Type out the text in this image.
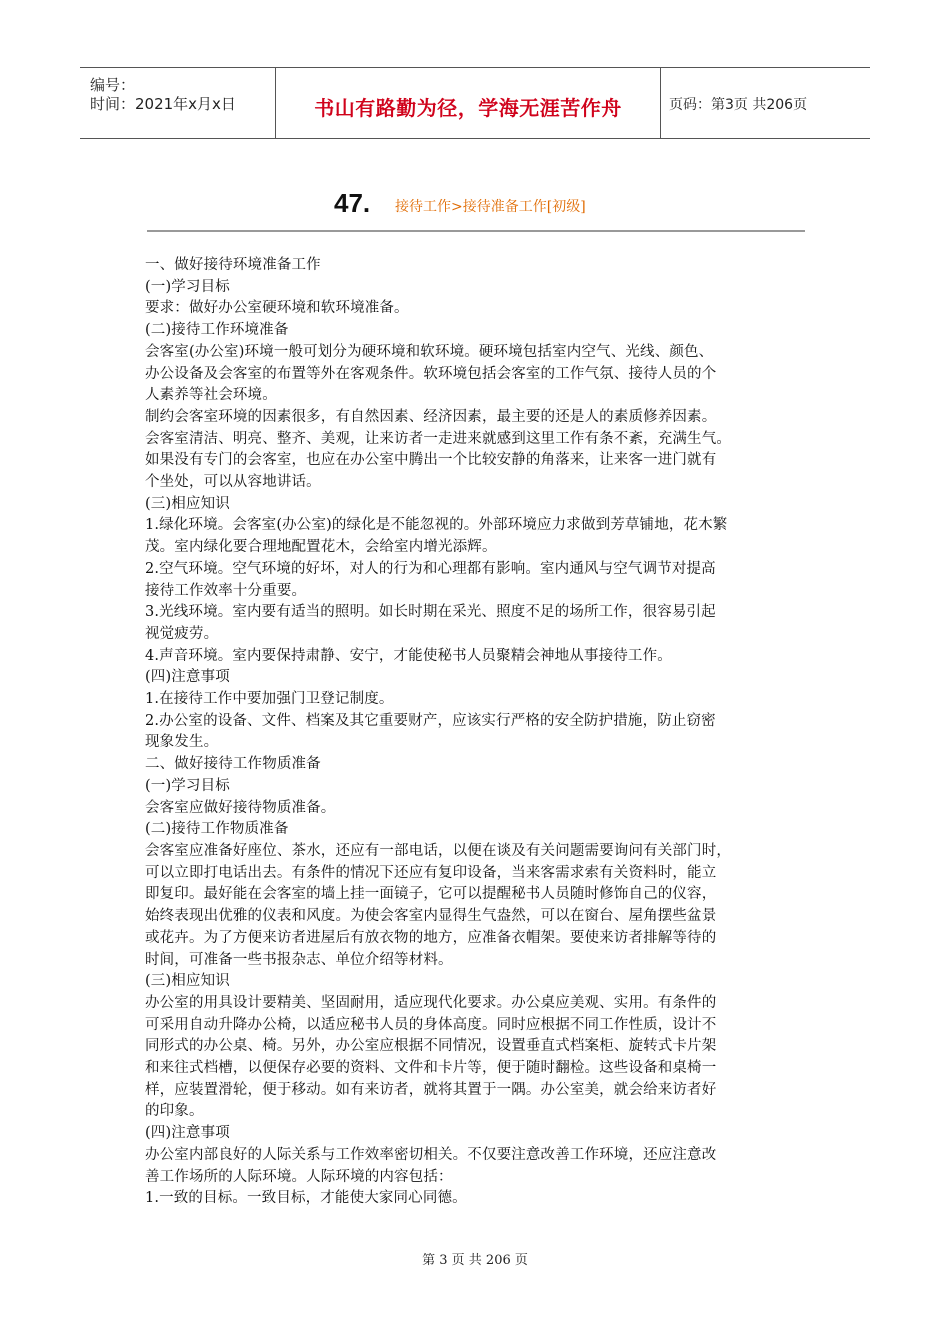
编号：
时间：2021年x月x日	书山有路勤为径，学海无涯苦作舟	页码：第3页 共206页
47. 接待工作>接待准备工作[初级]

一、做好接待环境准备工作

(一)学习目标

要求：做好办公室硬环境和软环境准备。

(二)接待工作环境准备

会客室(办公室)环境一般可划分为硬环境和软环境。硬环境包括室内空气、光线、颜色、

办公设备及会客室的布置等外在客观条件。软环境包括会客室的工作气氛、接待人员的个

人素养等社会环境。

制约会客室环境的因素很多，有自然因素、经济因素，最主要的还是人的素质修养因素。

会客室清洁、明亮、整齐、美观，让来访者一走进来就感到这里工作有条不紊，充满生气。

如果没有专门的会客室，也应在办公室中腾出一个比较安静的角落来，让来客一进门就有

个坐处，可以从容地讲话。

(三)相应知识

1.绿化环境。会客室(办公室)的绿化是不能忽视的。外部环境应力求做到芳草铺地，花木繁

茂。室内绿化要合理地配置花木，会给室内增光添辉。

2.空气环境。空气环境的好坏，对人的行为和心理都有影响。室内通风与空气调节对提高

接待工作效率十分重要。

3.光线环境。室内要有适当的照明。如长时期在采光、照度不足的场所工作，很容易引起

视觉疲劳。

4.声音环境。室内要保持肃静、安宁，才能使秘书人员聚精会神地从事接待工作。

(四)注意事项

1.在接待工作中要加强门卫登记制度。

2.办公室的设备、文件、档案及其它重要财产，应该实行严格的安全防护措施，防止窃密

现象发生。

二、做好接待工作物质准备

(一)学习目标

会客室应做好接待物质准备。

(二)接待工作物质准备

会客室应准备好座位、茶水，还应有一部电话，以便在谈及有关问题需要询问有关部门时，

可以立即打电话出去。有条件的情况下还应有复印设备，当来客需求索有关资料时，能立

即复印。最好能在会客室的墙上挂一面镜子，它可以提醒秘书人员随时修饰自己的仪容，

始终表现出优雅的仪表和风度。为使会客室内显得生气盎然，可以在窗台、屋角摆些盆景

或花卉。为了方便来访者进屋后有放衣物的地方，应准备衣帽架。要使来访者排解等待的

时间，可准备一些书报杂志、单位介绍等材料。

(三)相应知识

办公室的用具设计要精美、坚固耐用，适应现代化要求。办公桌应美观、实用。有条件的

可采用自动升降办公椅，以适应秘书人员的身体高度。同时应根据不同工作性质，设计不

同形式的办公桌、椅。另外，办公室应根据不同情况，设置垂直式档案柜、旋转式卡片架

和来往式档槽，以便保存必要的资料、文件和卡片等，便于随时翻检。这些设备和桌椅一

样，应装置滑轮，便于移动。如有来访者，就将其置于一隅。办公室美，就会给来访者好

的印象。

(四)注意事项

办公室内部良好的人际关系与工作效率密切相关。不仅要注意改善工作环境，还应注意改

善工作场所的人际环境。人际环境的内容包括：

1.一致的目标。一致目标，才能使大家同心同德。

第 3 页 共 206 页
